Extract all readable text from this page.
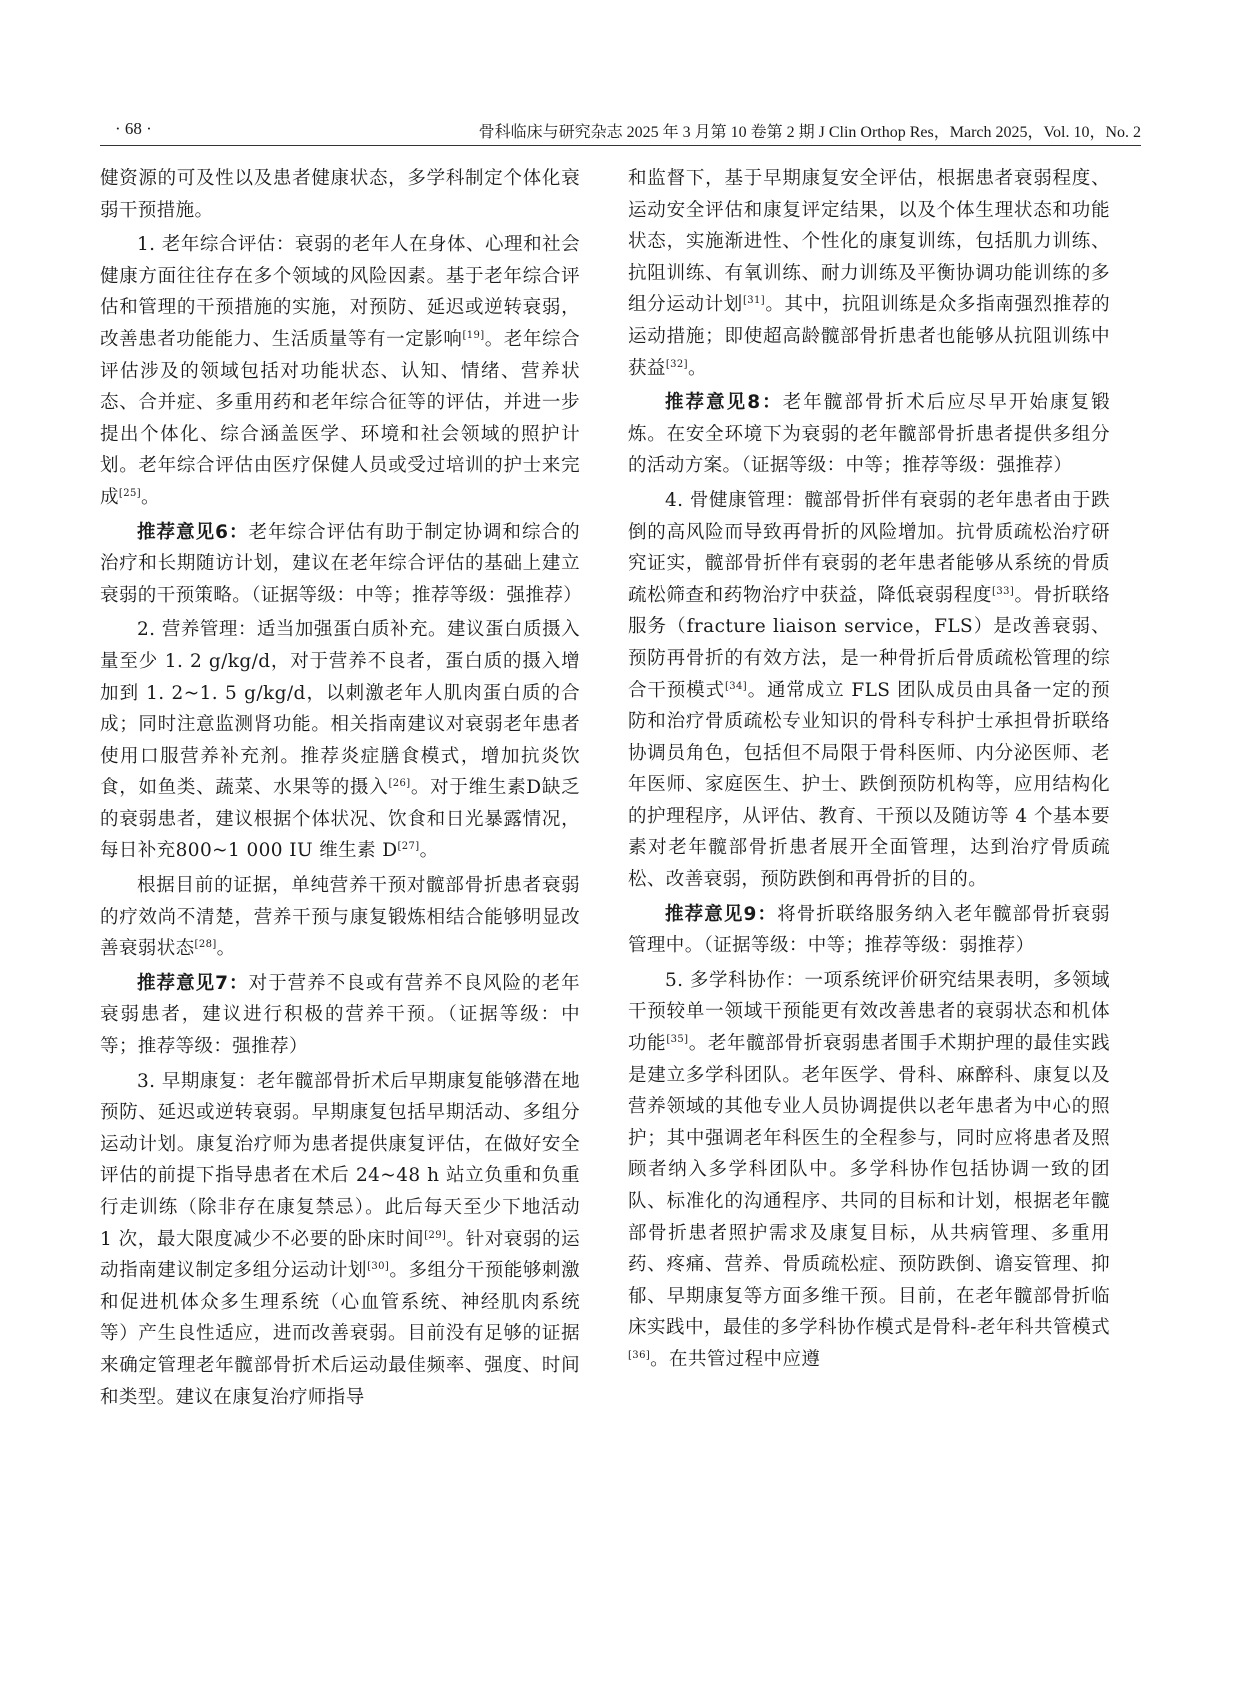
· 68 ·	骨科临床与研究杂志 2025 年 3 月第 10 卷第 2 期 J Clin Orthop Res，March 2025，Vol. 10，No. 2

健资源的可及性以及患者健康状态，多学科制定个体化衰弱干预措施。

1. 老年综合评估：衰弱的老年人在身体、心理和社会健康方面往往存在多个领域的风险因素。基于老年综合评估和管理的干预措施的实施，对预防、延迟或逆转衰弱，改善患者功能能力、生活质量等有一定影响[19]。老年综合评估涉及的领域包括对功能状态、认知、情绪、营养状态、合并症、多重用药和老年综合征等的评估，并进一步提出个体化、综合涵盖医学、环境和社会领域的照护计划。老年综合评估由医疗保健人员或受过培训的护士来完成[25]。

推荐意见6：老年综合评估有助于制定协调和综合的治疗和长期随访计划，建议在老年综合评估的基础上建立衰弱的干预策略。（证据等级：中等；推荐等级：强推荐）

2. 营养管理：适当加强蛋白质补充。建议蛋白质摄入量至少 1. 2 g/kg/d，对于营养不良者，蛋白质的摄入增加到 1. 2~1. 5 g/kg/d，以刺激老年人肌肉蛋白质的合成；同时注意监测肾功能。相关指南建议对衰弱老年患者使用口服营养补充剂。推荐炎症膳食模式，增加抗炎饮食，如鱼类、蔬菜、水果等的摄入[26]。对于维生素D缺乏的衰弱患者，建议根据个体状况、饮食和日光暴露情况，每日补充800~1 000 IU 维生素 D[27]。

根据目前的证据，单纯营养干预对髋部骨折患者衰弱的疗效尚不清楚，营养干预与康复锻炼相结合能够明显改善衰弱状态[28]。

推荐意见7：对于营养不良或有营养不良风险的老年衰弱患者，建议进行积极的营养干预。（证据等级：中等；推荐等级：强推荐）

3. 早期康复：老年髋部骨折术后早期康复能够潜在地预防、延迟或逆转衰弱。早期康复包括早期活动、多组分运动计划。康复治疗师为患者提供康复评估，在做好安全评估的前提下指导患者在术后 24~48 h 站立负重和负重行走训练（除非存在康复禁忌）。此后每天至少下地活动 1 次，最大限度减少不必要的卧床时间[29]。针对衰弱的运动指南建议制定多组分运动计划[30]。多组分干预能够刺激和促进机体众多生理系统（心血管系统、神经肌肉系统等）产生良性适应，进而改善衰弱。目前没有足够的证据来确定管理老年髋部骨折术后运动最佳频率、强度、时间和类型。建议在康复治疗师指导

和监督下，基于早期康复安全评估，根据患者衰弱程度、运动安全评估和康复评定结果，以及个体生理状态和功能状态，实施渐进性、个性化的康复训练，包括肌力训练、抗阻训练、有氧训练、耐力训练及平衡协调功能训练的多组分运动计划[31]。其中，抗阻训练是众多指南强烈推荐的运动措施；即使超高龄髋部骨折患者也能够从抗阻训练中获益[32]。

推荐意见8：老年髋部骨折术后应尽早开始康复锻炼。在安全环境下为衰弱的老年髋部骨折患者提供多组分的活动方案。（证据等级：中等；推荐等级：强推荐）

4. 骨健康管理：髋部骨折伴有衰弱的老年患者由于跌倒的高风险而导致再骨折的风险增加。抗骨质疏松治疗研究证实，髋部骨折伴有衰弱的老年患者能够从系统的骨质疏松筛查和药物治疗中获益，降低衰弱程度[33]。骨折联络服务（fracture liaison service，FLS）是改善衰弱、预防再骨折的有效方法，是一种骨折后骨质疏松管理的综合干预模式[34]。通常成立 FLS 团队成员由具备一定的预防和治疗骨质疏松专业知识的骨科专科护士承担骨折联络协调员角色，包括但不局限于骨科医师、内分泌医师、老年医师、家庭医生、护士、跌倒预防机构等，应用结构化的护理程序，从评估、教育、干预以及随访等 4 个基本要素对老年髋部骨折患者展开全面管理，达到治疗骨质疏松、改善衰弱，预防跌倒和再骨折的目的。

推荐意见9：将骨折联络服务纳入老年髋部骨折衰弱管理中。（证据等级：中等；推荐等级：弱推荐）

5. 多学科协作：一项系统评价研究结果表明，多领域干预较单一领域干预能更有效改善患者的衰弱状态和机体功能[35]。老年髋部骨折衰弱患者围手术期护理的最佳实践是建立多学科团队。老年医学、骨科、麻醉科、康复以及营养领域的其他专业人员协调提供以老年患者为中心的照护；其中强调老年科医生的全程参与，同时应将患者及照顾者纳入多学科团队中。多学科协作包括协调一致的团队、标准化的沟通程序、共同的目标和计划，根据老年髋部骨折患者照护需求及康复目标，从共病管理、多重用药、疼痛、营养、骨质疏松症、预防跌倒、谵妄管理、抑郁、早期康复等方面多维干预。目前，在老年髋部骨折临床实践中，最佳的多学科协作模式是骨科-老年科共管模式[36]。在共管过程中应遵
